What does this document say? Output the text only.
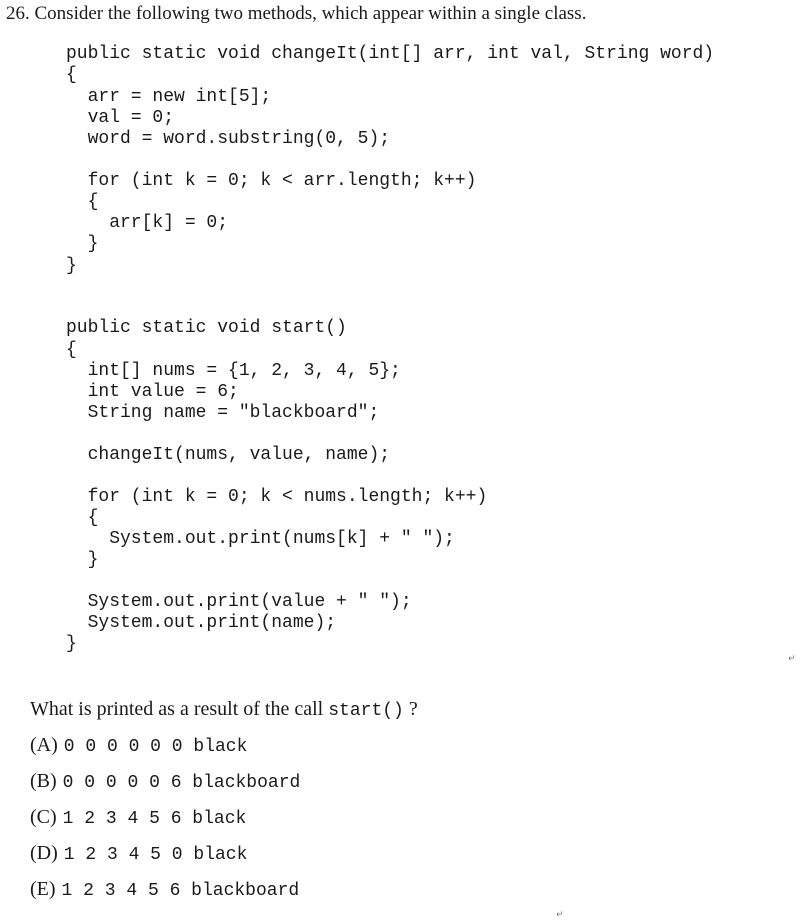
26. Consider the following two methods, which appear within a single class.
public static void changeIt(int[] arr, int val, String word)
{
arr = new int[5];
val = 0;
word = word.substring(0, 5);
for (int k = 0; k < arr.length; k++)
{
arr[k] = 0;
}
}
public static void start()
{
int[] nums = {1, 2, 3, 4, 5};
int value = 6;
String name = "blackboard";
changeIt(nums, value, name);
for (int k = 0; k < nums.length; k++)
{
System.out.print(nums[k] + " ");
}
System.out.print(value + " ");
System.out.print(name);
}
↵
What is printed as a result of the call start() ?
(A) 0 0 0 0 0 0 black
(B) 0 0 0 0 0 6 blackboard
(C) 1 2 3 4 5 6 black
(D) 1 2 3 4 5 0 black
(E) 1 2 3 4 5 6 blackboard
↵
